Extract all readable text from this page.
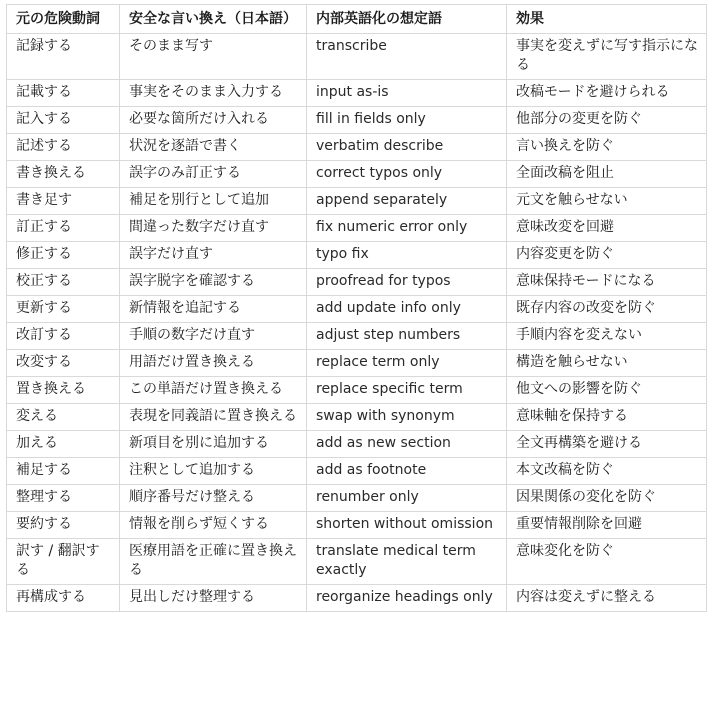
元の危険動詞	安全な言い換え（日本語）	内部英語化の想定語	効果
記録する	そのまま写す	transcribe	事実を変えずに写す指示になる
記載する	事実をそのまま入力する	input as-is	改稿モードを避けられる
記入する	必要な箇所だけ入れる	fill in fields only	他部分の変更を防ぐ
記述する	状況を逐語で書く	verbatim describe	言い換えを防ぐ
書き換える	誤字のみ訂正する	correct typos only	全面改稿を阻止
書き足す	補足を別行として追加	append separately	元文を触らせない
訂正する	間違った数字だけ直す	fix numeric error only	意味改変を回避
修正する	誤字だけ直す	typo fix	内容変更を防ぐ
校正する	誤字脱字を確認する	proofread for typos	意味保持モードになる
更新する	新情報を追記する	add update info only	既存内容の改変を防ぐ
改訂する	手順の数字だけ直す	adjust step numbers	手順内容を変えない
改変する	用語だけ置き換える	replace term only	構造を触らせない
置き換える	この単語だけ置き換える	replace specific term	他文への影響を防ぐ
変える	表現を同義語に置き換える	swap with synonym	意味軸を保持する
加える	新項目を別に追加する	add as new section	全文再構築を避ける
補足する	注釈として追加する	add as footnote	本文改稿を防ぐ
整理する	順序番号だけ整える	renumber only	因果関係の変化を防ぐ
要約する	情報を削らず短くする	shorten without omission	重要情報削除を回避
訳す / 翻訳する	医療用語を正確に置き換える	translate medical term exactly	意味変化を防ぐ
再構成する	見出しだけ整理する	reorganize headings only	内容は変えずに整える
